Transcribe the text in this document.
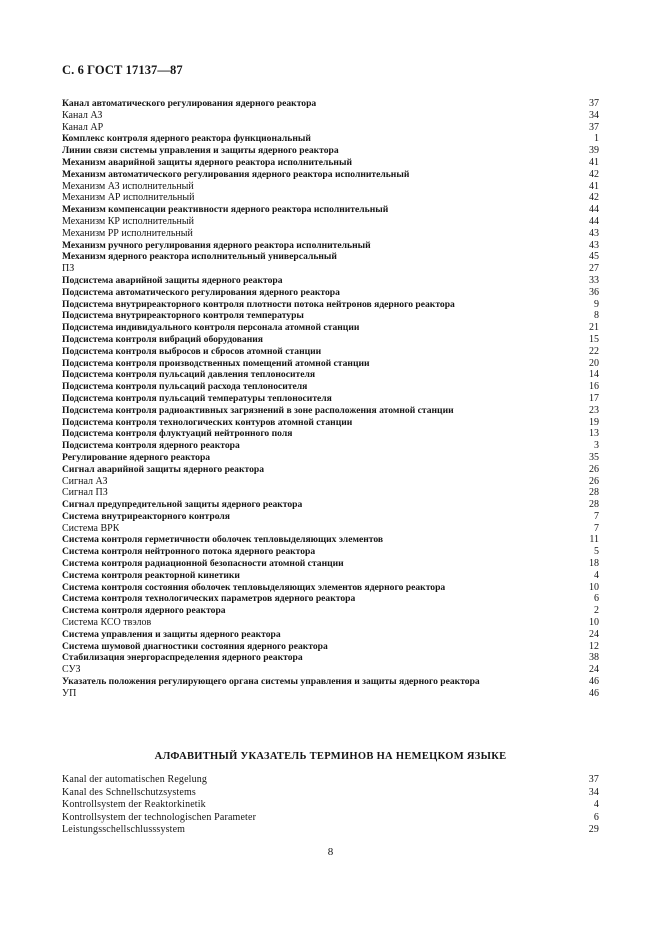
С. 6 ГОСТ 17137—87
Канал автоматического регулирования ядерного реактора	37
Канал АЗ	34
Канал АР	37
Комплекс контроля ядерного реактора функциональный	1
Линии связи системы управления и защиты ядерного реактора	39
Механизм аварийной защиты ядерного реактора исполнительный	41
Механизм автоматического регулирования ядерного реактора исполнительный	42
Механизм АЗ исполнительный	41
Механизм АР исполнительный	42
Механизм компенсации реактивности ядерного реактора исполнительный	44
Механизм КР исполнительный	44
Механизм РР исполнительный	43
Механизм ручного регулирования ядерного реактора исполнительный	43
Механизм ядерного реактора исполнительный универсальный	45
ПЗ	27
Подсистема аварийной защиты ядерного реактора	33
Подсистема автоматического регулирования ядерного реактора	36
Подсистема внутриреакторного контроля плотности потока нейтронов ядерного реактора	9
Подсистема внутриреакторного контроля температуры	8
Подсистема индивидуального контроля персонала атомной станции	21
Подсистема контроля вибраций оборудования	15
Подсистема контроля выбросов и сбросов атомной станции	22
Подсистема контроля производственных помещений атомной станции	20
Подсистема контроля пульсаций давления теплоносителя	14
Подсистема контроля пульсаций расхода теплоносителя	16
Подсистема контроля пульсаций температуры теплоносителя	17
Подсистема контроля радиоактивных загрязнений в зоне расположения атомной станции	23
Подсистема контроля технологических контуров атомной станции	19
Подсистема контроля флуктуаций нейтронного поля	13
Подсистема контроля ядерного реактора	3
Регулирование ядерного реактора	35
Сигнал аварийной защиты ядерного реактора	26
Сигнал АЗ	26
Сигнал ПЗ	28
Сигнал предупредительной защиты ядерного реактора	28
Система внутриреакторного контроля	7
Система ВРК	7
Система контроля герметичности оболочек тепловыделяющих элементов	11
Система контроля нейтронного потока ядерного реактора	5
Система контроля радиационной безопасности атомной станции	18
Система контроля реакторной кинетики	4
Система контроля состояния оболочек тепловыделяющих элементов ядерного реактора	10
Система контроля технологических параметров ядерного реактора	6
Система контроля ядерного реактора	2
Система КСО твэлов	10
Система управления и защиты ядерного реактора	24
Система шумовой диагностики состояния ядерного реактора	12
Стабилизация энергораспределения ядерного реактора	38
СУЗ	24
Указатель положения регулирующего органа системы управления и защиты ядерного реактора	46
УП	46
АЛФАВИТНЫЙ УКАЗАТЕЛЬ ТЕРМИНОВ НА НЕМЕЦКОМ ЯЗЫКЕ
Kanal der automatischen Regelung	37
Kanal des Schnellschutzsystems	34
Kontrollsystem der Reaktorkinetik	4
Kontrollsystem der technologischen Parameter	6
Leistungsschellschlusssystem	29
8
